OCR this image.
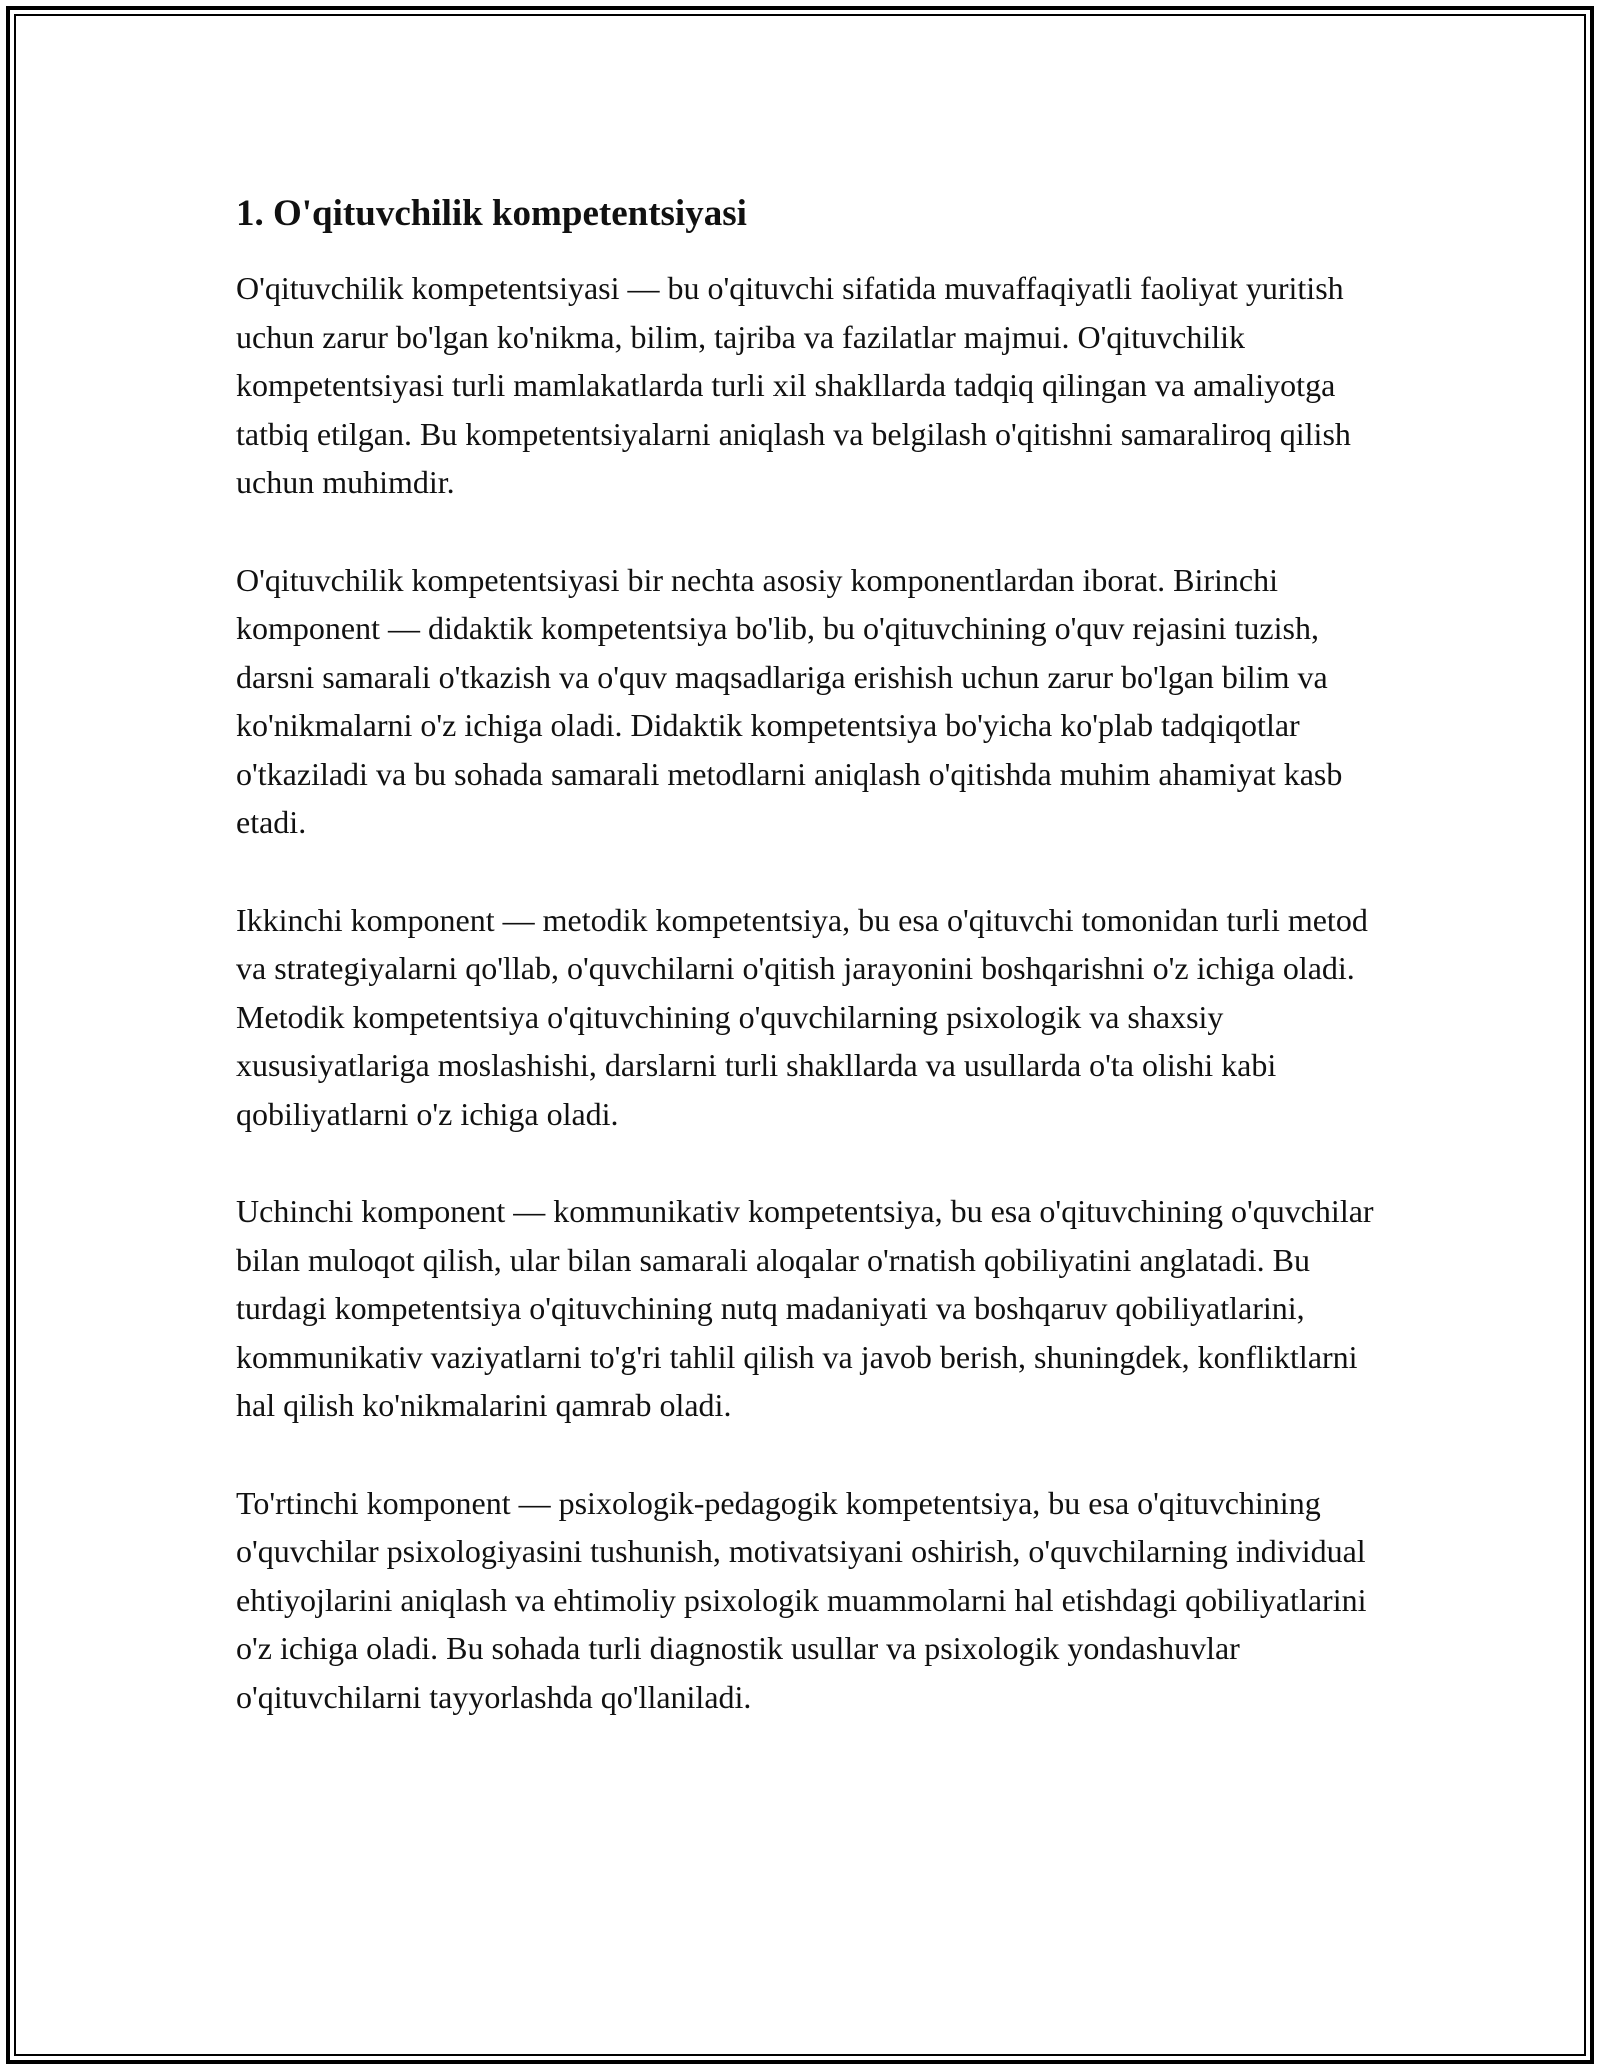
1. O'qituvchilik kompetentsiyasi

O'qituvchilik kompetentsiyasi — bu o'qituvchi sifatida muvaffaqiyatli faoliyat yuritish uchun zarur bo'lgan ko'nikma, bilim, tajriba va fazilatlar majmui. O'qituvchilik kompetentsiyasi turli mamlakatlarda turli xil shakllarda tadqiq qilingan va amaliyotga tatbiq etilgan. Bu kompetentsiyalarni aniqlash va belgilash o'qitishni samaraliroq qilish uchun muhimdir.

O'qituvchilik kompetentsiyasi bir nechta asosiy komponentlardan iborat. Birinchi komponent — didaktik kompetentsiya bo'lib, bu o'qituvchining o'quv rejasini tuzish, darsni samarali o'tkazish va o'quv maqsadlariga erishish uchun zarur bo'lgan bilim va ko'nikmalarni o'z ichiga oladi. Didaktik kompetentsiya bo'yicha ko'plab tadqiqotlar o'tkaziladi va bu sohada samarali metodlarni aniqlash o'qitishda muhim ahamiyat kasb etadi.

Ikkinchi komponent — metodik kompetentsiya, bu esa o'qituvchi tomonidan turli metod va strategiyalarni qo'llab, o'quvchilarni o'qitish jarayonini boshqarishni o'z ichiga oladi. Metodik kompetentsiya o'qituvchining o'quvchilarning psixologik va shaxsiy xususiyatlariga moslashishi, darslarni turli shakllarda va usullarda o'ta olishi kabi qobiliyatlarni o'z ichiga oladi.

Uchinchi komponent — kommunikativ kompetentsiya, bu esa o'qituvchining o'quvchilar bilan muloqot qilish, ular bilan samarali aloqalar o'rnatish qobiliyatini anglatadi. Bu turdagi kompetentsiya o'qituvchining nutq madaniyati va boshqaruv qobiliyatlarini, kommunikativ vaziyatlarni to'g'ri tahlil qilish va javob berish, shuningdek, konfliktlarni hal qilish ko'nikmalarini qamrab oladi.

To'rtinchi komponent — psixologik-pedagogik kompetentsiya, bu esa o'qituvchining o'quvchilar psixologiyasini tushunish, motivatsiyani oshirish, o'quvchilarning individual ehtiyojlarini aniqlash va ehtimoliy psixologik muammolarni hal etishdagi qobiliyatlarini o'z ichiga oladi. Bu sohada turli diagnostik usullar va psixologik yondashuvlar o'qituvchilarni tayyorlashda qo'llaniladi.
